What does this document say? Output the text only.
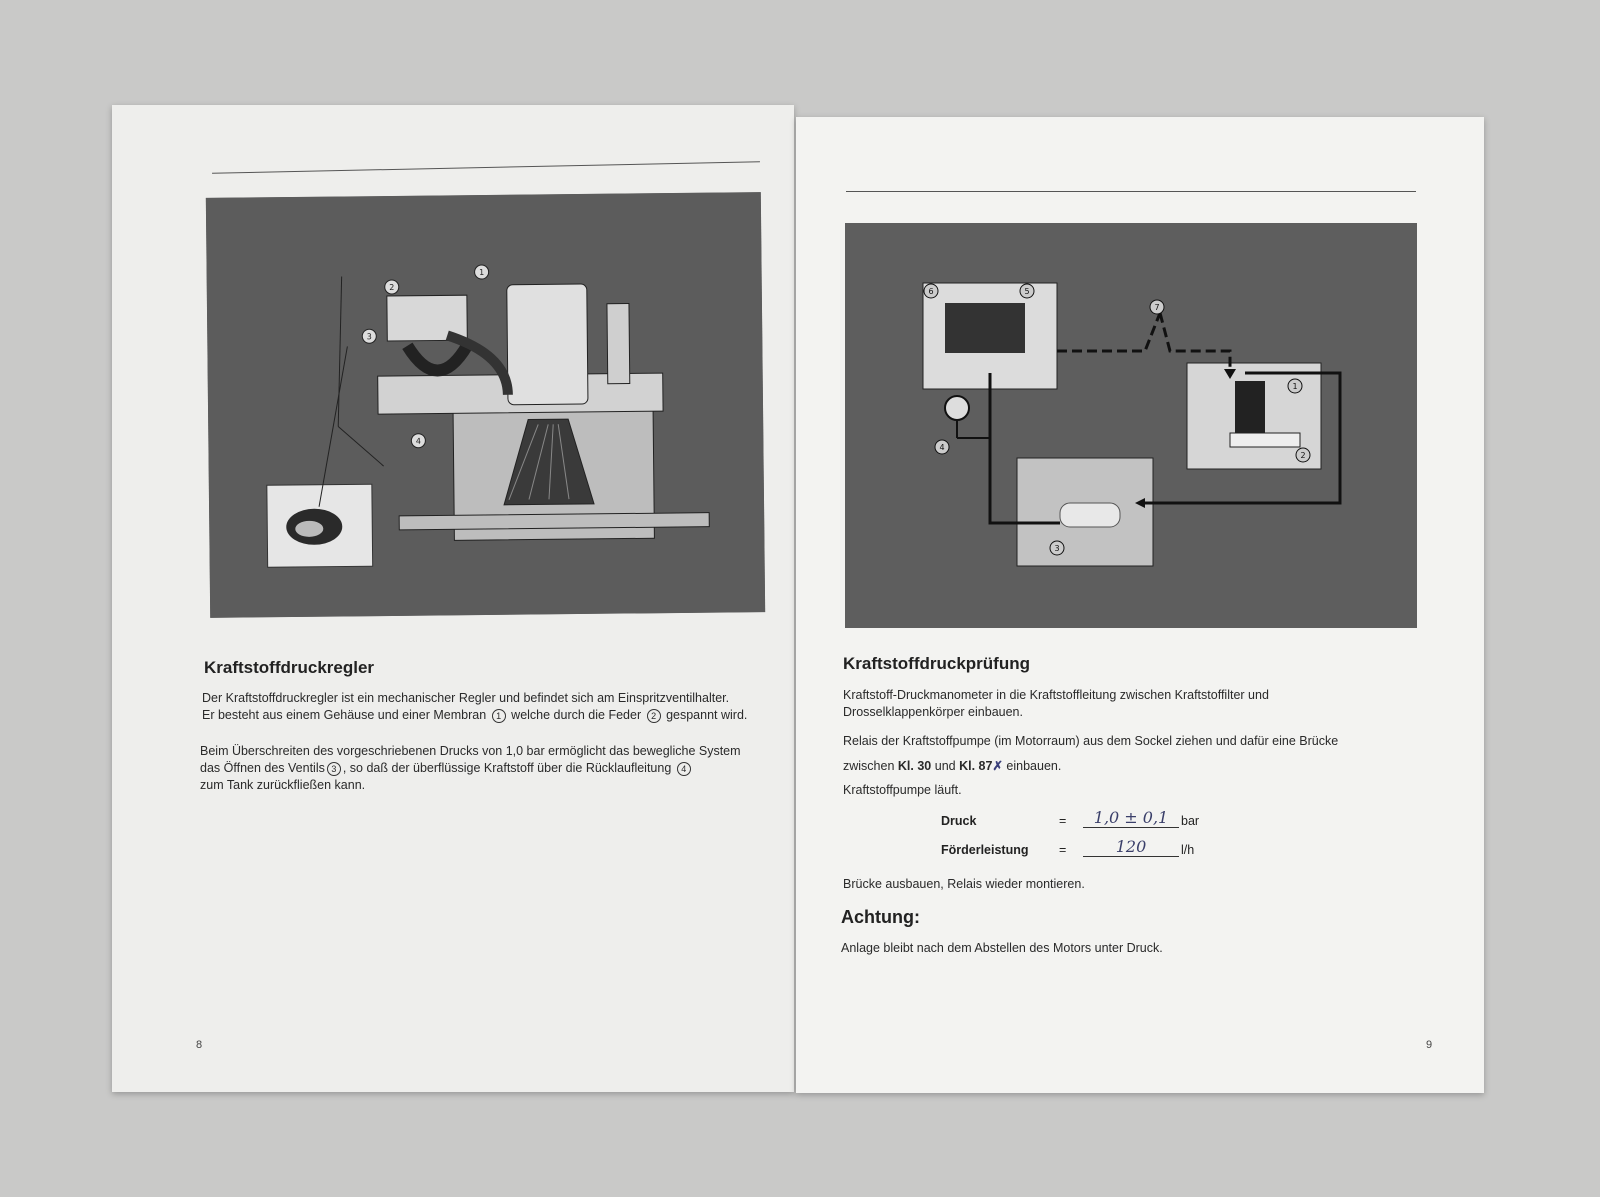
2
1
3
4
Kraftstoffdruckregler

Der Kraftstoffdruckregler ist ein mechanischer Regler und befindet sich am Einspritzventilhalter.
Er besteht aus einem Gehäuse und einer Membran 1 welche durch die Feder 2 gespannt wird.

Beim Überschreiten des vorgeschriebenen Drucks von 1,0 bar ermöglicht das bewegliche System
das Öffnen des Ventils 3 , so daß der überflüssige Kraftstoff über die Rücklaufleitung 4
zum Tank zurückfließen kann.

8
1
2
3
4
5
6
7
Kraftstoffdruckprüfung

Kraftstoff-Druckmanometer in die Kraftstoffleitung zwischen Kraftstoffilter und
Drosselklappenkörper einbauen.

Relais der Kraftstoffpumpe (im Motorraum) aus dem Sockel ziehen und dafür eine Brücke
zwischen Kl. 30 und Kl. 87✗ einbauen.

Kraftstoffpumpe läuft.

Druck	=	1,0 ± 0,1	bar
Förderleistung =	120	l/h

Brücke ausbauen, Relais wieder montieren.

Achtung:

Anlage bleibt nach dem Abstellen des Motors unter Druck.

9
